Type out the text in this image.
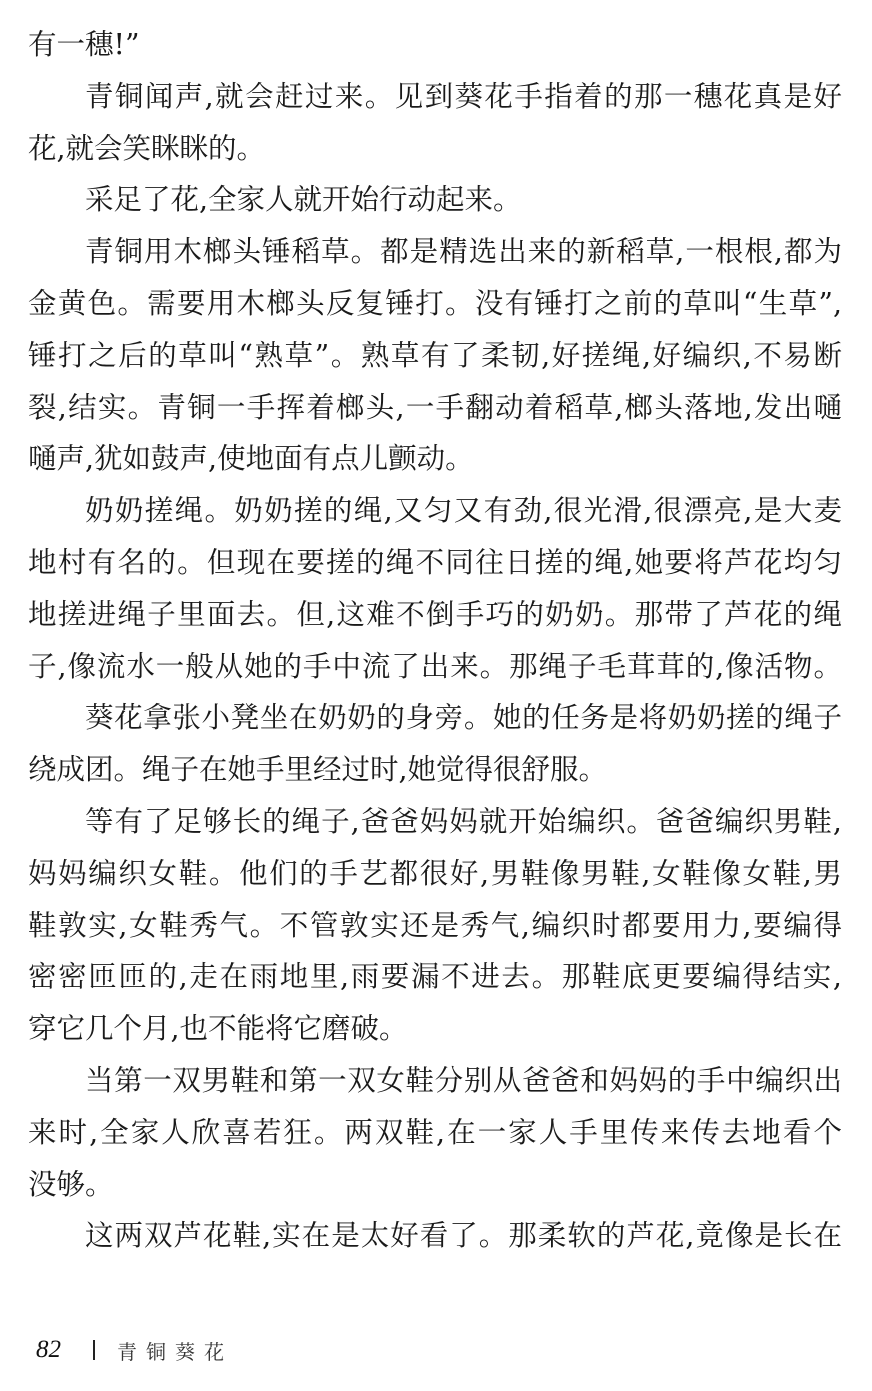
有一穗!”
青铜闻声,就会赶过来。见到葵花手指着的那一穗花真是好
花,就会笑眯眯的。
采足了花,全家人就开始行动起来。
青铜用木榔头锤稻草。都是精选出来的新稻草,一根根,都为
金黄色。需要用木榔头反复锤打。没有锤打之前的草叫“生草”,
锤打之后的草叫“熟草”。熟草有了柔韧,好搓绳,好编织,不易断
裂,结实。青铜一手挥着榔头,一手翻动着稻草,榔头落地,发出嗵
嗵声,犹如鼓声,使地面有点儿颤动。
奶奶搓绳。奶奶搓的绳,又匀又有劲,很光滑,很漂亮,是大麦
地村有名的。但现在要搓的绳不同往日搓的绳,她要将芦花均匀
地搓进绳子里面去。但,这难不倒手巧的奶奶。那带了芦花的绳
子,像流水一般从她的手中流了出来。那绳子毛茸茸的,像活物。
葵花拿张小凳坐在奶奶的身旁。她的任务是将奶奶搓的绳子
绕成团。绳子在她手里经过时,她觉得很舒服。
等有了足够长的绳子,爸爸妈妈就开始编织。爸爸编织男鞋,
妈妈编织女鞋。他们的手艺都很好,男鞋像男鞋,女鞋像女鞋,男
鞋敦实,女鞋秀气。不管敦实还是秀气,编织时都要用力,要编得
密密匝匝的,走在雨地里,雨要漏不进去。那鞋底更要编得结实,
穿它几个月,也不能将它磨破。
当第一双男鞋和第一双女鞋分别从爸爸和妈妈的手中编织出
来时,全家人欣喜若狂。两双鞋,在一家人手里传来传去地看个
没够。
这两双芦花鞋,实在是太好看了。那柔软的芦花,竟像是长在
82	青铜葵花
